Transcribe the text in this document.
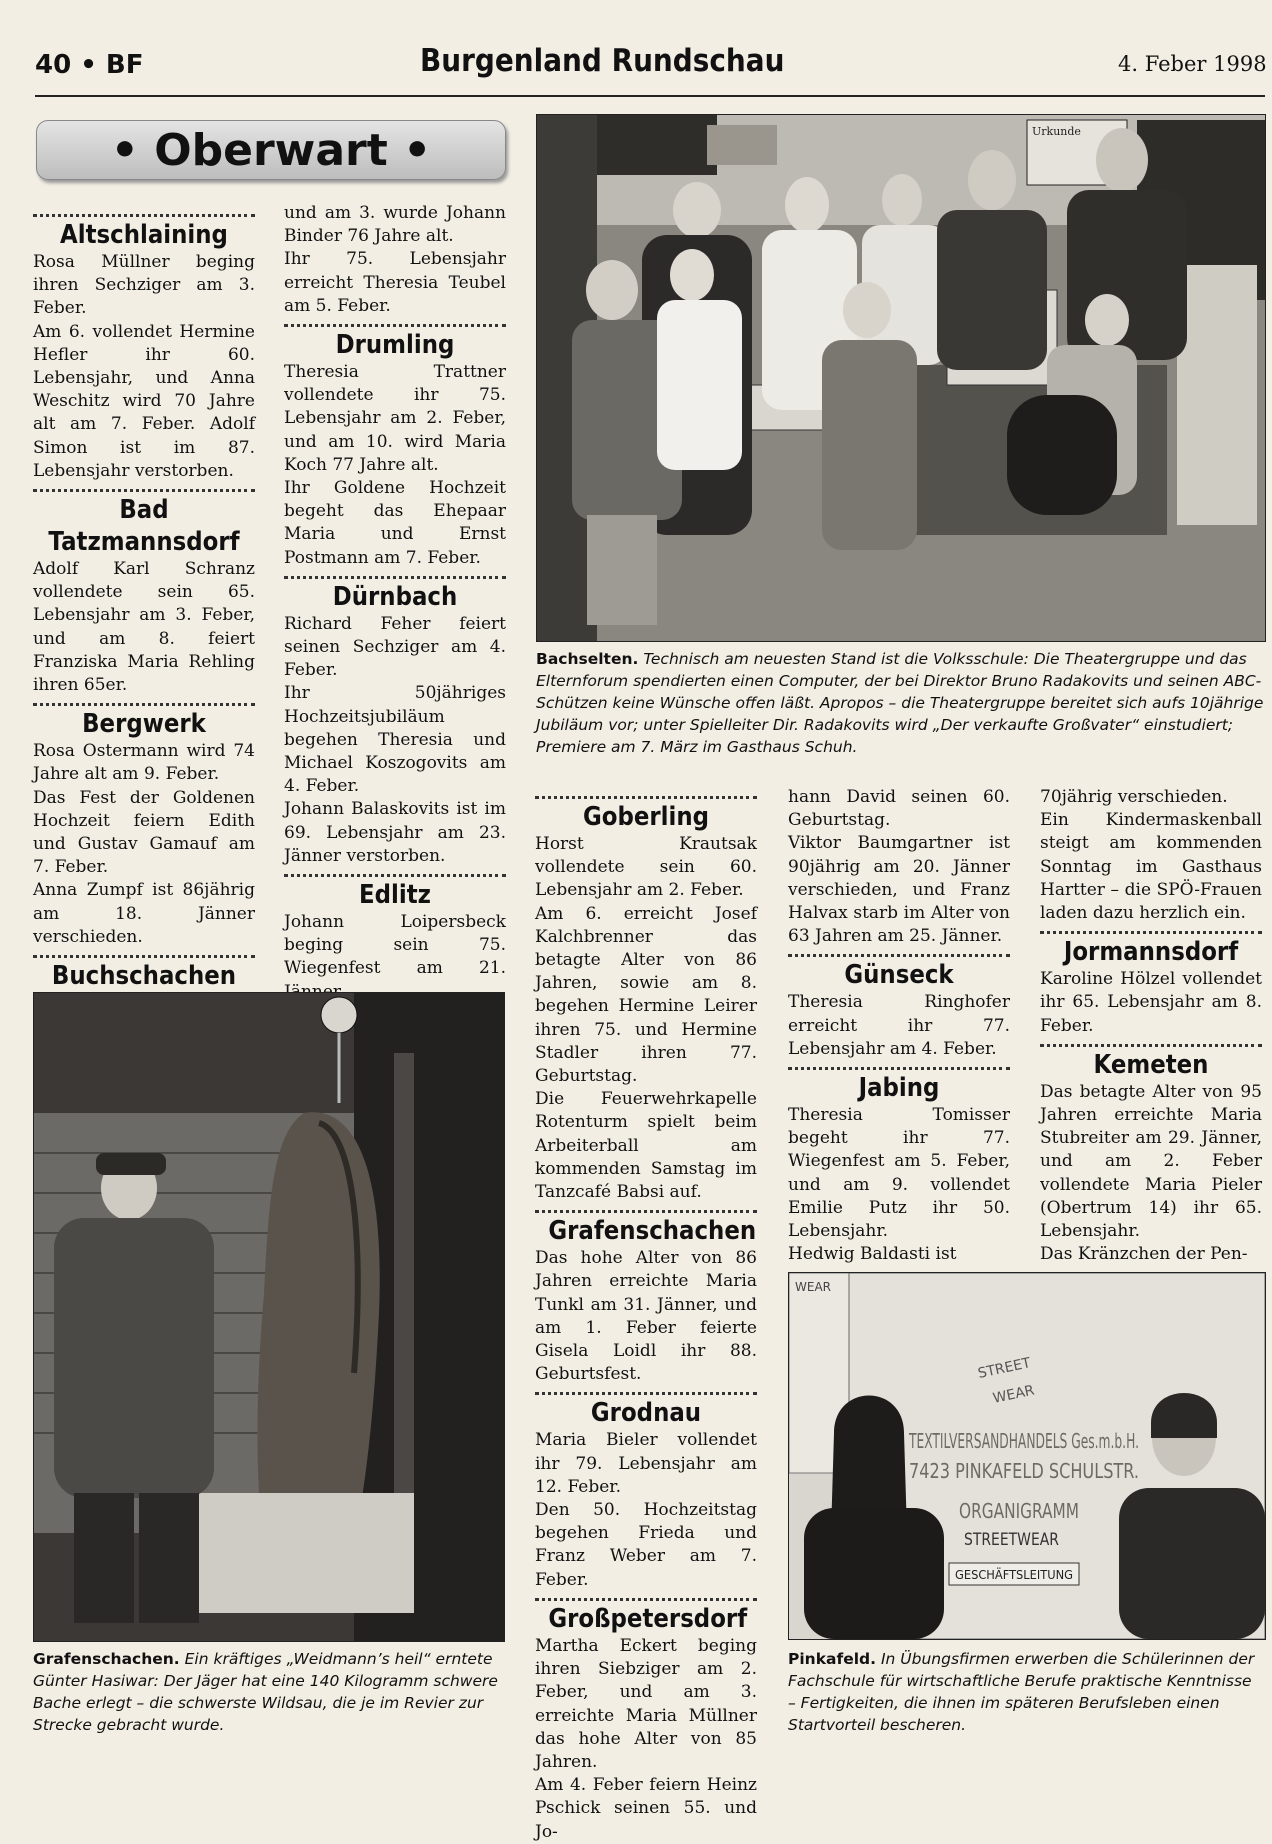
40 • BF	Burgenland Rundschau	4. Feber 1998
• Oberwart •
Altschlaining

Rosa Müllner beging ihren Sechziger am 3. Feber.

Am 6. vollendet Hermine Hefler ihr 60. Lebensjahr, und Anna Weschitz wird 70 Jahre alt am 7. Feber. Adolf Simon ist im 87. Lebensjahr verstorben.

Bad Tatzmannsdorf

Adolf Karl Schranz vollendete sein 65. Lebensjahr am 3. Feber, und am 8. feiert Franziska Maria Rehling ihren 65er.

Bergwerk

Rosa Ostermann wird 74 Jahre alt am 9. Feber.

Das Fest der Goldenen Hochzeit feiern Edith und Gustav Gamauf am 7. Feber.

Anna Zumpf ist 86jährig am 18. Jänner verschieden.

Buchschachen

und am 3. wurde Johann Binder 76 Jahre alt.

Ihr 75. Lebensjahr erreicht Theresia Teubel am 5. Feber.

Drumling

Theresia Trattner vollendete ihr 75. Lebensjahr am 2. Feber, und am 10. wird Maria Koch 77 Jahre alt.

Ihr Goldene Hochzeit begeht das Ehepaar Maria und Ernst Postmann am 7. Feber.

Dürnbach

Richard Feher feiert seinen Sechziger am 4. Feber.

Ihr 50jähriges Hochzeitsjubiläum begehen Theresia und Michael Koszogovits am 4. Feber.

Johann Balaskovits ist im 69. Lebensjahr am 23. Jänner verstorben.

Edlitz

Johann Loipersbeck beging sein 75. Wiegenfest am 21.

Urkunde
Bachselten. Technisch am neuesten Stand ist die Volksschule: Die Theatergruppe und das Elternforum spendierten einen Computer, der bei Direktor Bruno Radakovits und seinen ABC-Schützen keine Wünsche offen läßt. Apropos – die Theatergruppe bereitet sich aufs 10jährige Jubiläum vor; unter Spielleiter Dir. Radakovits wird „Der verkaufte Großvater“ einstudiert; Premiere am 7. März im Gasthaus Schuh.
Goberling

Horst Krautsak vollendete sein 60. Lebensjahr am 2. Feber.

Am 6. erreicht Josef Kalchbrenner das betagte Alter von 86 Jahren, sowie am 8. begehen Hermine Leirer ihren 75. und Hermine Stadler ihren 77. Geburtstag.

Die Feuerwehrkapelle Rotenturm spielt beim Arbeiterball am kommenden Samstag im Tanzcafé Babsi auf.

Grafenschachen

Das hohe Alter von 86 Jahren erreichte Maria Tunkl am 31. Jänner, und am 1. Feber feierte Gisela Loidl ihr 88. Geburtsfest.

Grodnau

Maria Bieler vollendet ihr 79. Lebensjahr am 12. Feber.

Den 50. Hochzeitstag begehen Frieda und Franz Weber am 7. Feber.

Großpetersdorf

Martha Eckert beging ihren Siebziger am 2. Feber, und am 3. erreichte Maria Müllner das hohe Alter von 85 Jahren.

Am 4. Feber feiern Heinz Pschick seinen 55. und Jo-

hann David seinen 60. Geburtstag.

Viktor Baumgartner ist 90jährig am 20. Jänner verschieden, und Franz Halvax starb im Alter von 63 Jahren am 25. Jänner.

Günseck

Theresia Ringhofer erreicht ihr 77. Lebensjahr am 4. Feber.

Jabing

Theresia Tomisser begeht ihr 77. Wiegenfest am 5. Feber, und am 9. vollendet Emilie Putz ihr 50. Lebensjahr.

Hedwig Baldasti ist

70jährig verschieden.

Ein Kindermaskenball steigt am kommenden Sonntag im Gasthaus Hartter – die SPÖ-Frauen laden dazu herzlich ein.

Jormannsdorf

Karoline Hölzel vollendet ihr 65. Lebensjahr am 8. Feber.

Kemeten

Das betagte Alter von 95 Jahren erreichte Maria Stubreiter am 29. Jänner, und am 2. Feber vollendete Maria Pieler (Obertrum 14) ihr 65. Lebensjahr.

Das Kränzchen der Pen-

Grafenschachen. Ein kräftiges „Weidmann’s heil“ erntete Günter Hasiwar: Der Jäger hat eine 140 Kilogramm schwere Bache erlegt – die schwerste Wildsau, die je im Revier zur Strecke gebracht wurde.
WEAR
STREET
WEAR
TEXTILVERSANDHANDELS Ges.m.b.H.
7423 PINKAFELD SCHULSTR.
ORGANIGRAMM
STREETWEAR
GESCHÄFTSLEITUNG
Pinkafeld. In Übungsfirmen erwerben die Schülerinnen der Fachschule für wirtschaftliche Berufe praktische Kenntnisse – Fertigkeiten, die ihnen im späteren Berufsleben einen Startvorteil bescheren.
